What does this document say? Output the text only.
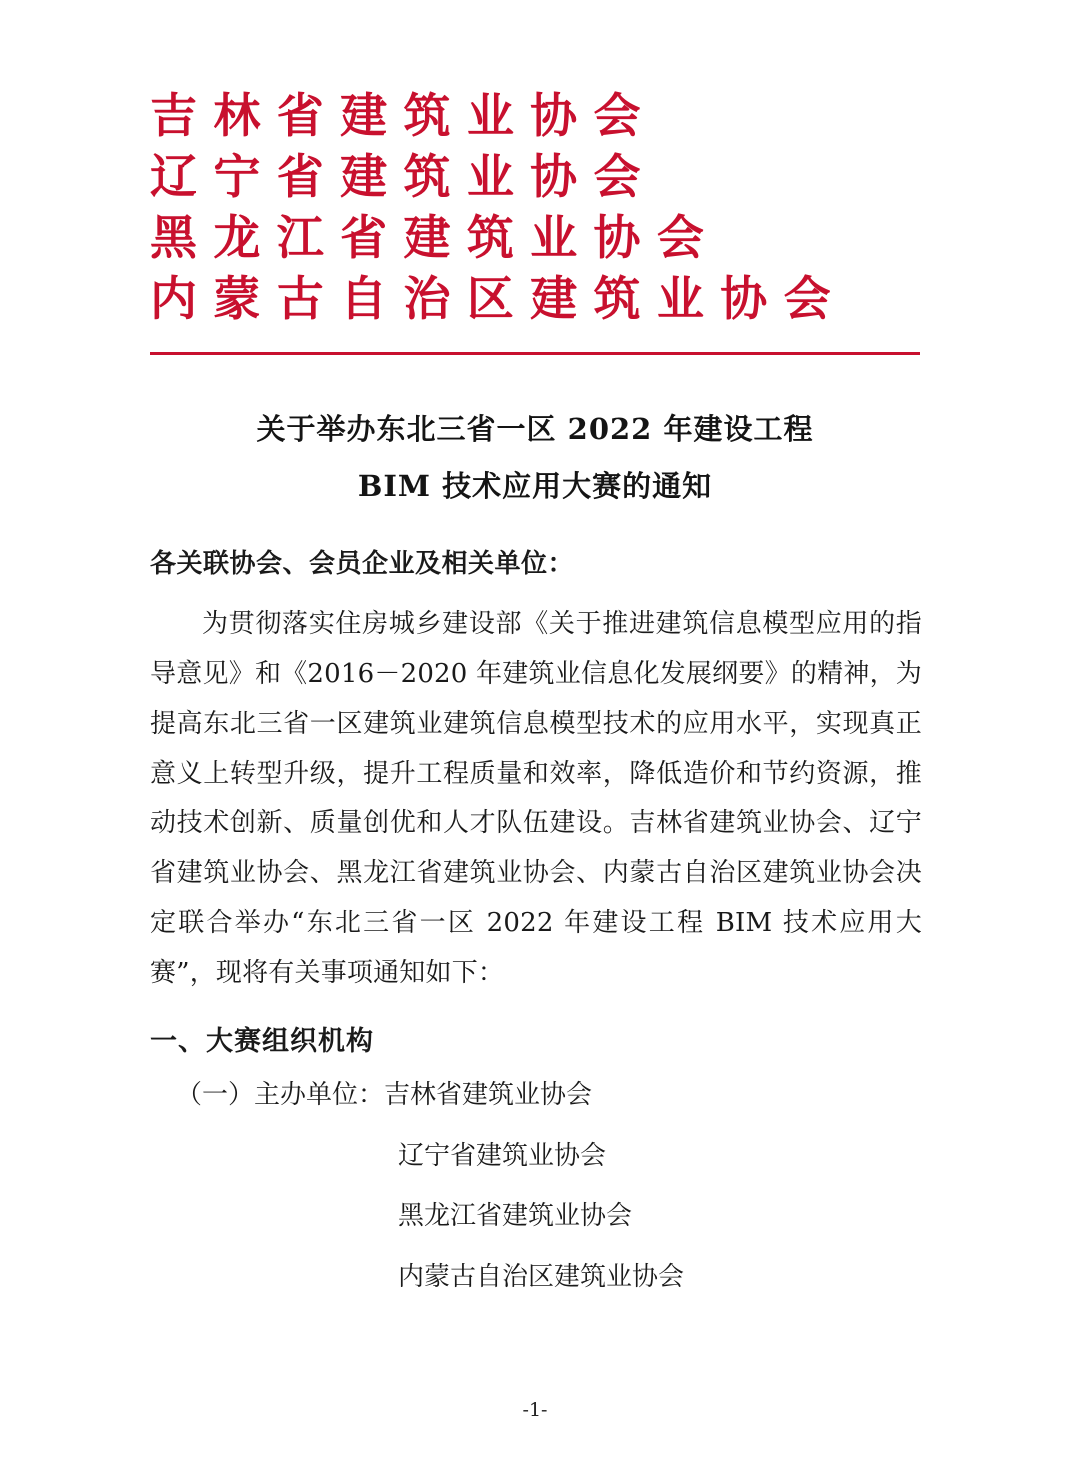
吉 林 省 建 筑 业 协 会
辽 宁 省 建 筑 业 协 会
黑 龙 江 省 建 筑 业 协 会
内 蒙 古 自 治 区 建 筑 业 协 会
关于举办东北三省一区 2022 年建设工程
BIM 技术应用大赛的通知
各关联协会、会员企业及相关单位：

为贯彻落实住房城乡建设部《关于推进建筑信息模型应用的指导意见》和《2016－2020 年建筑业信息化发展纲要》的精神，为提高东北三省一区建筑业建筑信息模型技术的应用水平，实现真正意义上转型升级，提升工程质量和效率，降低造价和节约资源，推动技术创新、质量创优和人才队伍建设。吉林省建筑业协会、辽宁省建筑业协会、黑龙江省建筑业协会、内蒙古自治区建筑业协会决定联合举办“东北三省一区 2022 年建设工程 BIM 技术应用大赛”，现将有关事项通知如下：

一、大赛组织机构
（一）主办单位：吉林省建筑业协会
辽宁省建筑业协会
黑龙江省建筑业协会
内蒙古自治区建筑业协会
-1-
